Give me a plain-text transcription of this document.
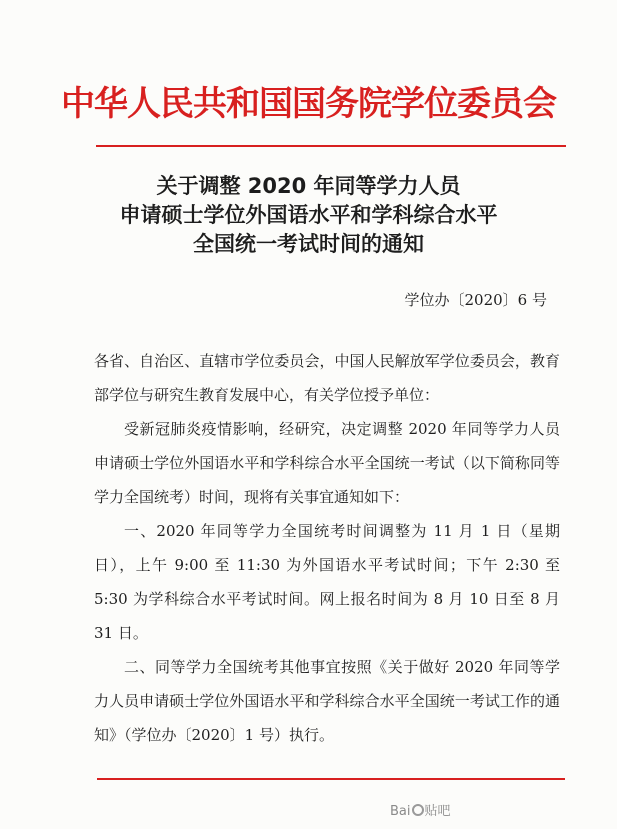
中华人民共和国国务院学位委员会
关于调整 2020 年同等学力人员
申请硕士学位外国语水平和学科综合水平
全国统一考试时间的通知
学位办〔2020〕6 号

各省、自治区、直辖市学位委员会，中国人民解放军学位委员会，教育部学位与研究生教育发展中心，有关学位授予单位：

受新冠肺炎疫情影响，经研究，决定调整 2020 年同等学力人员申请硕士学位外国语水平和学科综合水平全国统一考试（以下简称同等学力全国统考）时间，现将有关事宜通知如下：

一、2020 年同等学力全国统考时间调整为 11 月 1 日（星期日），上午 9:00 至 11:30 为外国语水平考试时间；下午 2:30 至 5:30 为学科综合水平考试时间。网上报名时间为 8 月 10 日至 8 月 31 日。

二、同等学力全国统考其他事宜按照《关于做好 2020 年同等学力人员申请硕士学位外国语水平和学科综合水平全国统一考试工作的通知》（学位办〔2020〕1 号）执行。

Bai 贴吧
